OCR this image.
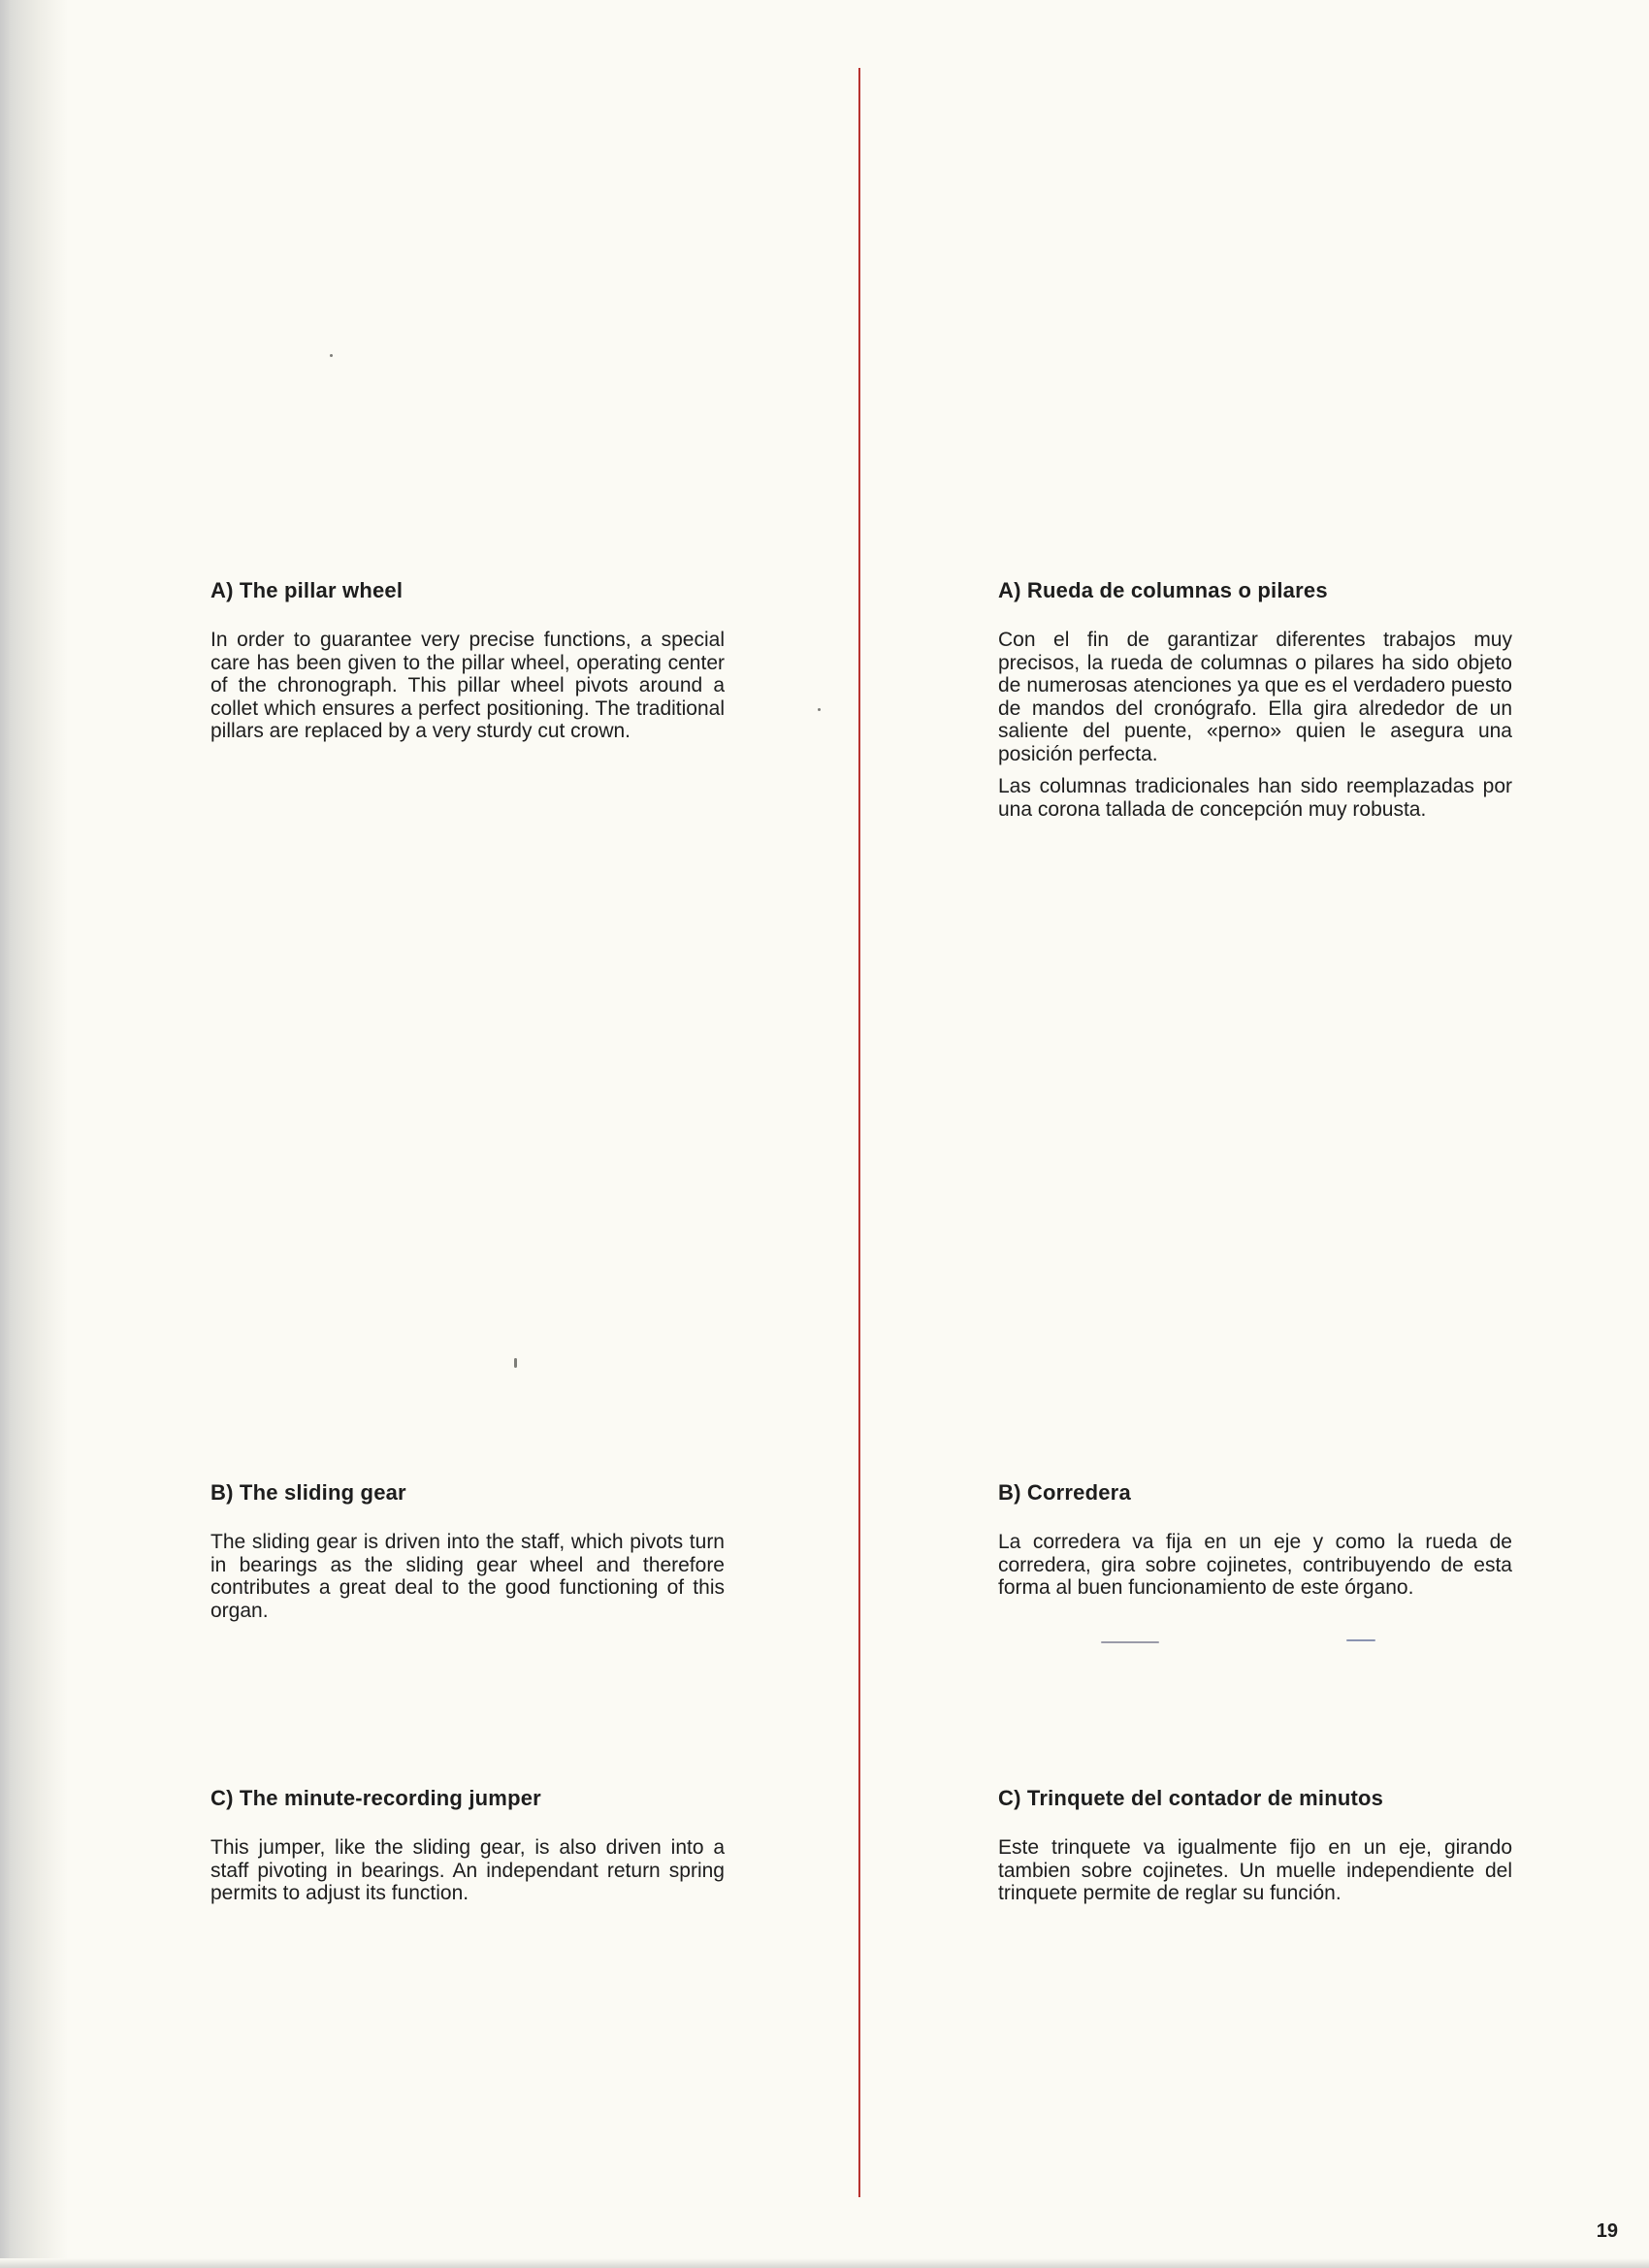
A) The pillar wheel

In order to guarantee very precise functions, a special care has been given to the pillar wheel, operating center of the chronograph. This pillar wheel pivots around a collet which ensures a perfect positioning. The traditional pillars are replaced by a very sturdy cut crown.

B) The sliding gear

The sliding gear is driven into the staff, which pivots turn in bearings as the sliding gear wheel and therefore contributes a great deal to the good functioning of this organ.

C) The minute-recording jumper

This jumper, like the sliding gear, is also driven into a staff pivoting in bearings. An independant return spring permits to adjust its function.

A) Rueda de columnas o pilares

Con el fin de garantizar diferentes trabajos muy precisos, la rueda de columnas o pilares ha sido objeto de numerosas atenciones ya que es el verdadero puesto de mandos del cronógrafo. Ella gira alrededor de un saliente del puente, «perno» quien le asegura una posición perfecta.

Las columnas tradicionales han sido reemplazadas por una corona tallada de concepción muy robusta.

B) Corredera

La corredera va fija en un eje y como la rueda de corredera, gira sobre cojinetes, contribuyendo de esta forma al buen funcionamiento de este órgano.

C) Trinquete del contador de minutos

Este trinquete va igualmente fijo en un eje, girando tambien sobre cojinetes. Un muelle independiente del trinquete permite de reglar su función.

19
